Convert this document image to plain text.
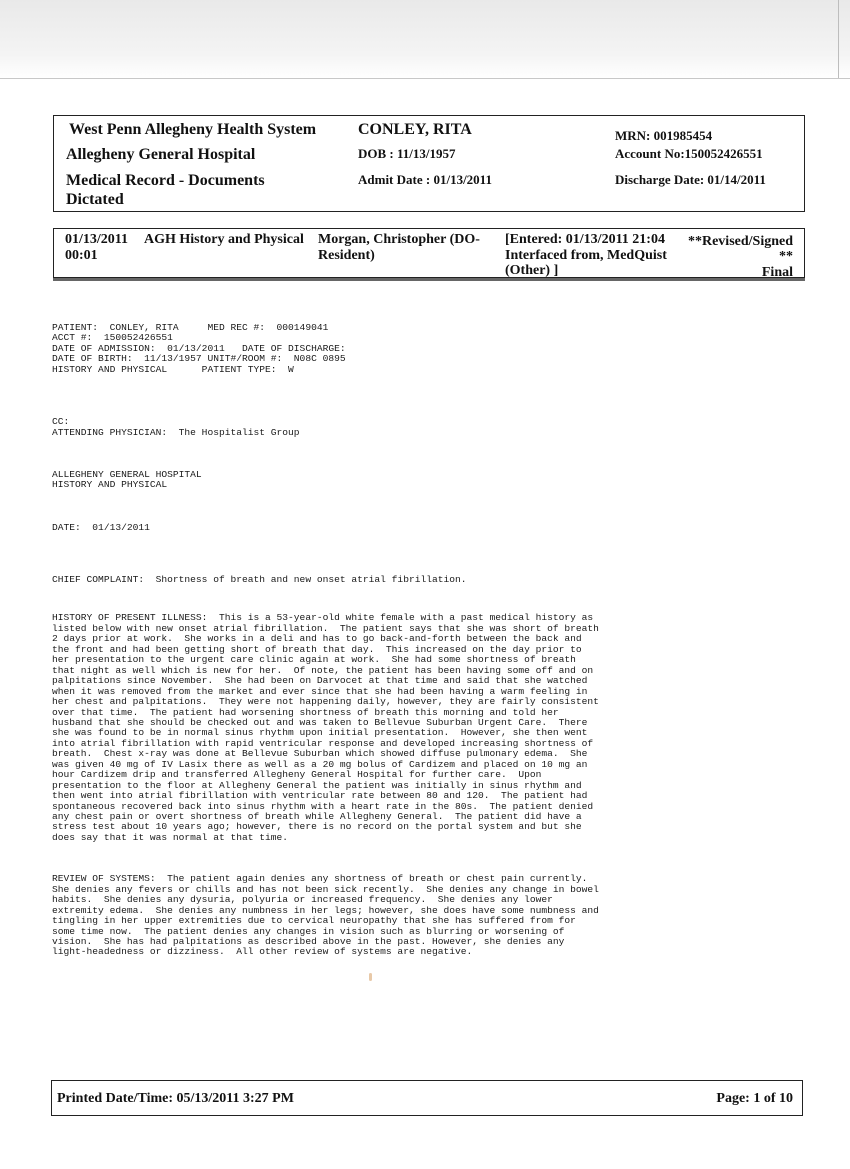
West Penn Allegheny Health System
Allegheny General Hospital
Medical Record - Documents
Dictated
CONLEY, RITA
DOB : 11/13/1957
Admit Date : 01/13/2011
MRN: 001985454
Account No:150052426551
Discharge Date: 01/14/2011
01/13/2011
00:01
AGH History and Physical Morgan, Christopher (DO-
Resident)
[Entered: 01/13/2011 21:04
Interfaced from, MedQuist
(Other) ]
**Revised/Signed
**
Final

PATIENT:  CONLEY, RITA     MED REC #:  000149041
ACCT #:  150052426551
DATE OF ADMISSION:  01/13/2011   DATE OF DISCHARGE:
DATE OF BIRTH:  11/13/1957 UNIT#/ROOM #:  N08C 0895
HISTORY AND PHYSICAL      PATIENT TYPE:  W

CC:
ATTENDING PHYSICIAN:  The Hospitalist Group

ALLEGHENY GENERAL HOSPITAL
HISTORY AND PHYSICAL

DATE:  01/13/2011

CHIEF COMPLAINT:  Shortness of breath and new onset atrial fibrillation.

HISTORY OF PRESENT ILLNESS:  This is a 53-year-old white female with a past medical history as
listed below with new onset atrial fibrillation.  The patient says that she was short of breath
2 days prior at work.  She works in a deli and has to go back-and-forth between the back and
the front and had been getting short of breath that day.  This increased on the day prior to
her presentation to the urgent care clinic again at work.  She had some shortness of breath
that night as well which is new for her.  Of note, the patient has been having some off and on
palpitations since November.  She had been on Darvocet at that time and said that she watched
when it was removed from the market and ever since that she had been having a warm feeling in
her chest and palpitations.  They were not happening daily, however, they are fairly consistent
over that time.  The patient had worsening shortness of breath this morning and told her
husband that she should be checked out and was taken to Bellevue Suburban Urgent Care.  There
she was found to be in normal sinus rhythm upon initial presentation.  However, she then went
into atrial fibrillation with rapid ventricular response and developed increasing shortness of
breath.  Chest x-ray was done at Bellevue Suburban which showed diffuse pulmonary edema.  She
was given 40 mg of IV Lasix there as well as a 20 mg bolus of Cardizem and placed on 10 mg an
hour Cardizem drip and transferred Allegheny General Hospital for further care.  Upon
presentation to the floor at Allegheny General the patient was initially in sinus rhythm and
then went into atrial fibrillation with ventricular rate between 80 and 120.  The patient had
spontaneous recovered back into sinus rhythm with a heart rate in the 80s.  The patient denied
any chest pain or overt shortness of breath while Allegheny General.  The patient did have a
stress test about 10 years ago; however, there is no record on the portal system and but she
does say that it was normal at that time.

REVIEW OF SYSTEMS:  The patient again denies any shortness of breath or chest pain currently.
She denies any fevers or chills and has not been sick recently.  She denies any change in bowel
habits.  She denies any dysuria, polyuria or increased frequency.  She denies any lower
extremity edema.  She denies any numbness in her legs; however, she does have some numbness and
tingling in her upper extremities due to cervical neuropathy that she has suffered from for
some time now.  The patient denies any changes in vision such as blurring or worsening of
vision.  She has had palpitations as described above in the past. However, she denies any
light-headedness or dizziness.  All other review of systems are negative.

Printed Date/Time: 05/13/2011 3:27 PM	Page: 1 of 10
